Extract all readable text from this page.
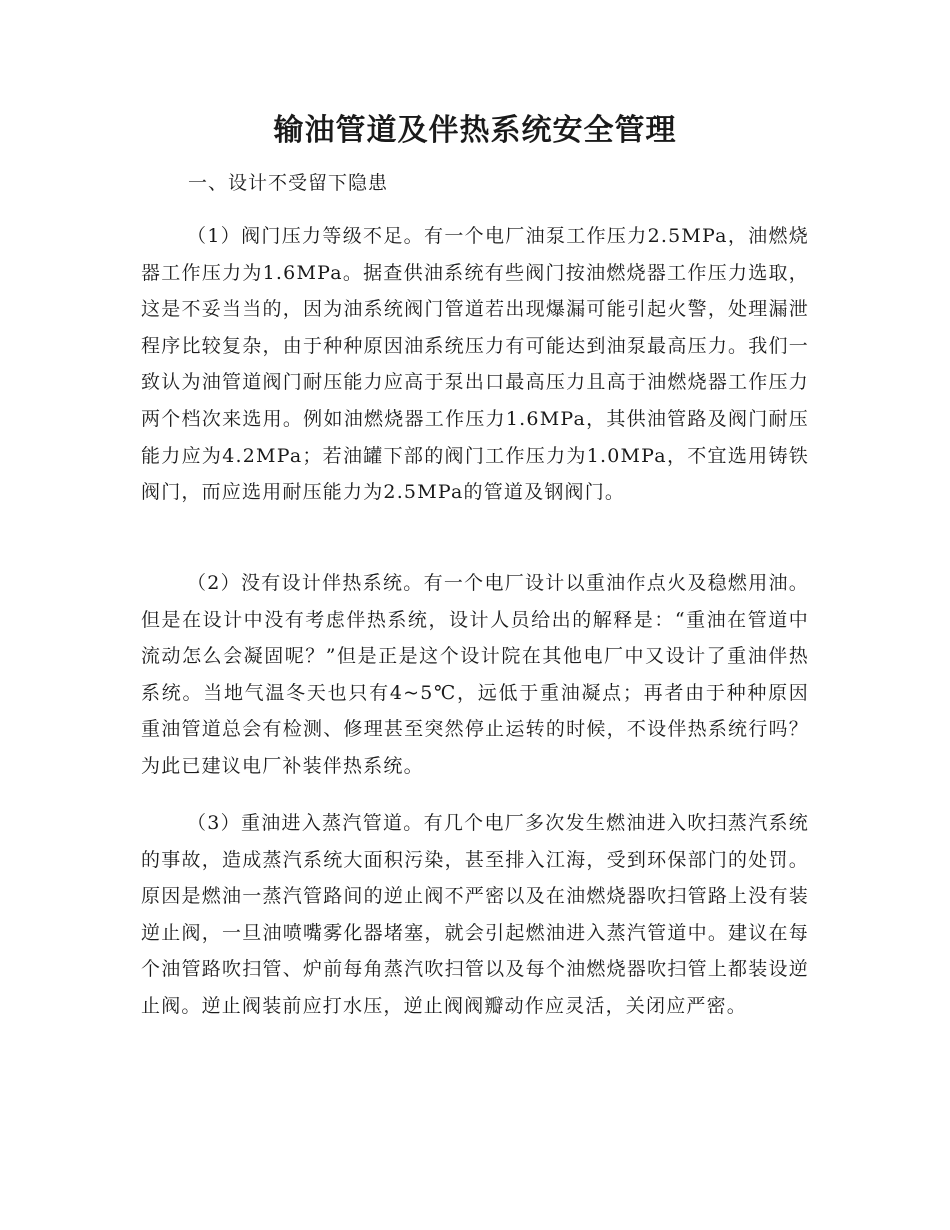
输油管道及伴热系统安全管理

一、设计不受留下隐患

（1）阀门压力等级不足。有一个电厂油泵工作压力2.5MPa，油燃烧器工作压力为1.6MPa。据查供油系统有些阀门按油燃烧器工作压力选取，这是不妥当当的，因为油系统阀门管道若出现爆漏可能引起火警，处理漏泄程序比较复杂，由于种种原因油系统压力有可能达到油泵最高压力。我们一致认为油管道阀门耐压能力应高于泵出口最高压力且高于油燃烧器工作压力两个档次来选用。例如油燃烧器工作压力1.6MPa，其供油管路及阀门耐压能力应为4.2MPa；若油罐下部的阀门工作压力为1.0MPa，不宜选用铸铁阀门，而应选用耐压能力为2.5MPa的管道及钢阀门。

（2）没有设计伴热系统。有一个电厂设计以重油作点火及稳燃用油。但是在设计中没有考虑伴热系统，设计人员给出的解释是：“重油在管道中流动怎么会凝固呢？”但是正是这个设计院在其他电厂中又设计了重油伴热系统。当地气温冬天也只有4~5℃，远低于重油凝点；再者由于种种原因重油管道总会有检测、修理甚至突然停止运转的时候，不设伴热系统行吗？为此已建议电厂补装伴热系统。

（3）重油进入蒸汽管道。有几个电厂多次发生燃油进入吹扫蒸汽系统的事故，造成蒸汽系统大面积污染，甚至排入江海，受到环保部门的处罚。原因是燃油一蒸汽管路间的逆止阀不严密以及在油燃烧器吹扫管路上没有装逆止阀，一旦油喷嘴雾化器堵塞，就会引起燃油进入蒸汽管道中。建议在每个油管路吹扫管、炉前每角蒸汽吹扫管以及每个油燃烧器吹扫管上都装设逆止阀。逆止阀装前应打水压，逆止阀阀瓣动作应灵活，关闭应严密。
